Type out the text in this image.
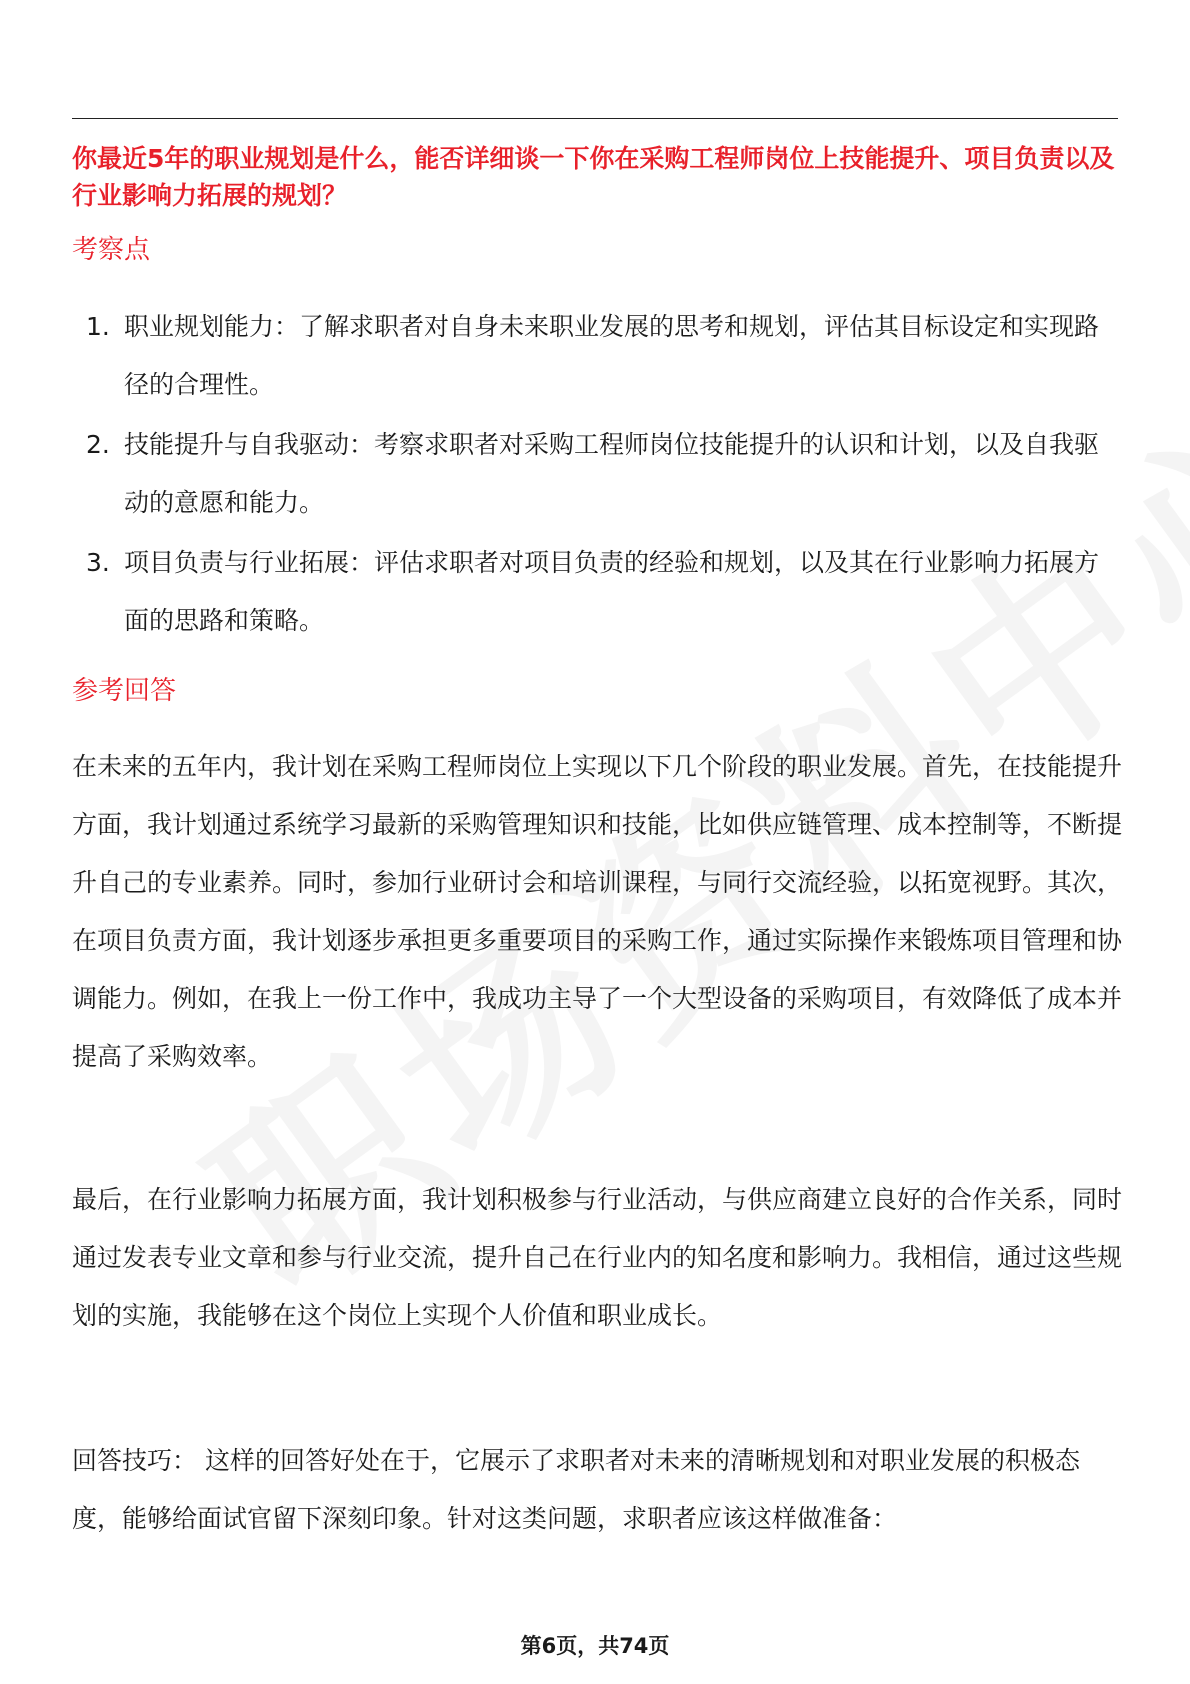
你最近5年的职业规划是什么，能否详细谈一下你在采购工程师岗位上技能提升、项目负责以及行业影响力拓展的规划？
考察点
1. 职业规划能力：了解求职者对自身未来职业发展的思考和规划，评估其目标设定和实现路径的合理性。
2. 技能提升与自我驱动：考察求职者对采购工程师岗位技能提升的认识和计划，以及自我驱动的意愿和能力。
3. 项目负责与行业拓展：评估求职者对项目负责的经验和规划，以及其在行业影响力拓展方面的思路和策略。
参考回答

在未来的五年内，我计划在采购工程师岗位上实现以下几个阶段的职业发展。首先，在技能提升方面，我计划通过系统学习最新的采购管理知识和技能，比如供应链管理、成本控制等，不断提升自己的专业素养。同时，参加行业研讨会和培训课程，与同行交流经验，以拓宽视野。其次，在项目负责方面，我计划逐步承担更多重要项目的采购工作，通过实际操作来锻炼项目管理和协调能力。例如，在我上一份工作中，我成功主导了一个大型设备的采购项目，有效降低了成本并提高了采购效率。

最后，在行业影响力拓展方面，我计划积极参与行业活动，与供应商建立良好的合作关系，同时通过发表专业文章和参与行业交流，提升自己在行业内的知名度和影响力。我相信，通过这些规划的实施，我能够在这个岗位上实现个人价值和职业成长。

回答技巧： 这样的回答好处在于，它展示了求职者对未来的清晰规划和对职业发展的积极态度，能够给面试官留下深刻印象。针对这类问题，求职者应该这样做准备：

第6页，共74页
